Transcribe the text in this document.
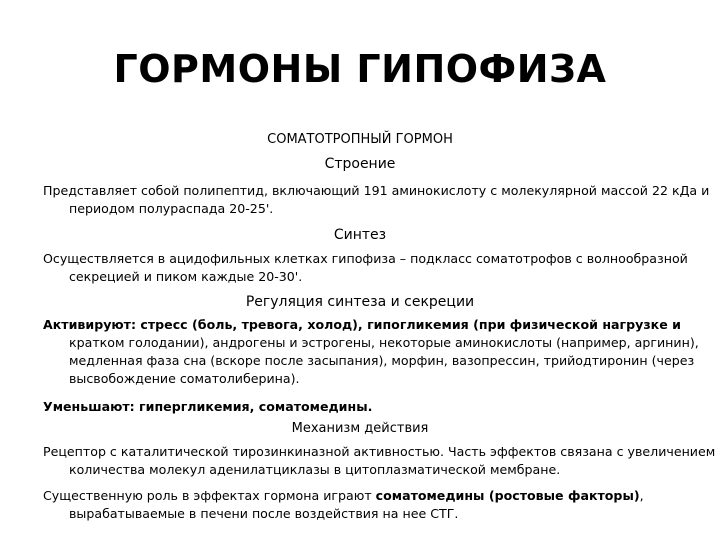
ГОРМОНЫ ГИПОФИЗА
СОМАТОТРОПНЫЙ ГОРМОН
Строение
Представляет собой полипептид, включающий 191 аминокислоту с молекулярной массой 22 кДа и периодом полураспада 20-25'.
Синтез
Осуществляется в ацидофильных клетках гипофиза – подкласс соматотрофов с волнообразной секрецией и пиком каждые 20-30'.
Регуляция синтеза и секреции
Активируют: стресс (боль, тревога, холод), гипогликемия (при физической нагрузке и кратком голодании), андрогены и эстрогены, некоторые аминокислоты (например, аргинин), медленная фаза сна (вскоре после засыпания), морфин, вазопрессин, трийодтиронин (через высвобождение соматолиберина).
Уменьшают: гипергликемия, соматомедины.
Механизм действия
Рецептор с каталитической тирозинкиназной активностью. Часть эффектов связана с увеличением количества молекул аденилатциклазы в цитоплазматической мембране.
Существенную роль в эффектах гормона играют соматомедины (ростовые факторы), вырабатываемые в печени после воздействия на нее СТГ.
